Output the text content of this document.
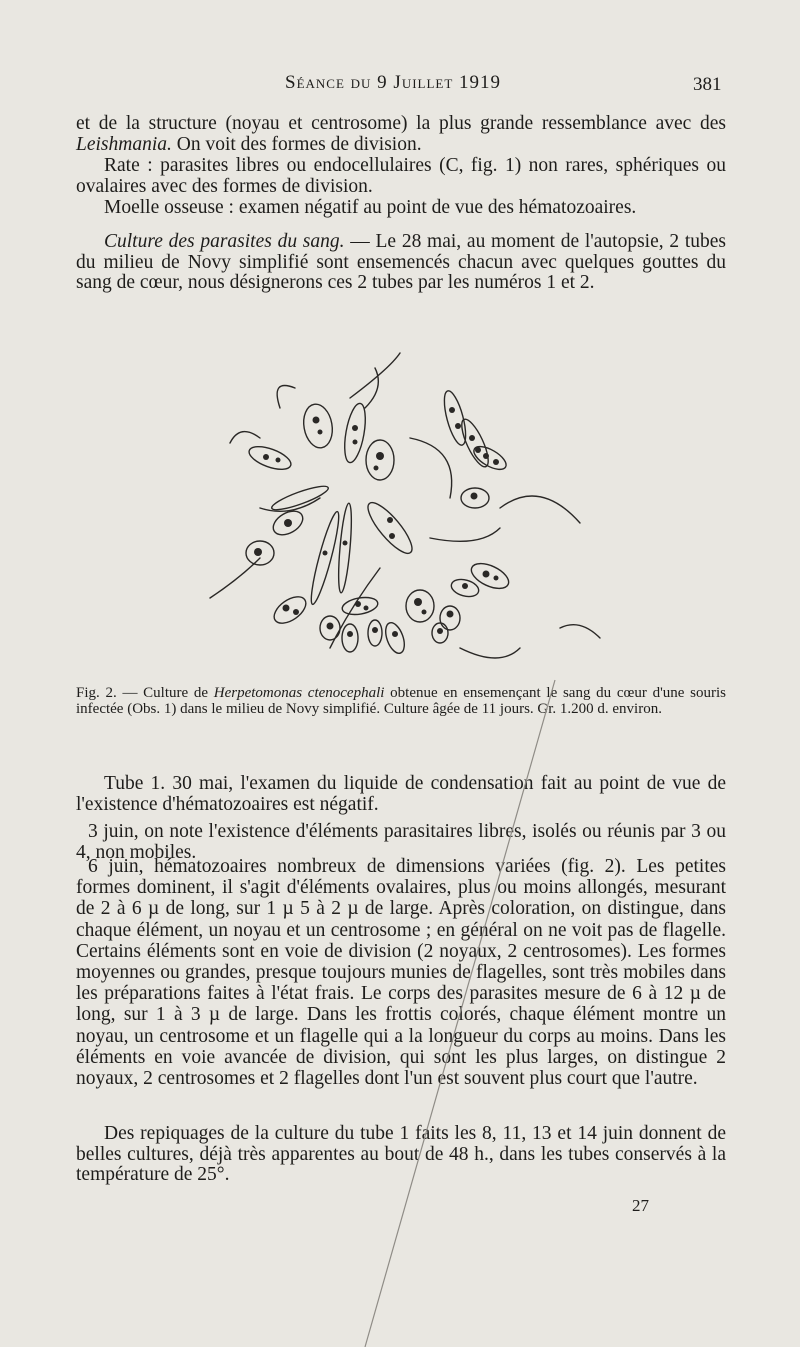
Séance du 9 Juillet 1919	381

et de la structure (noyau et centrosome) la plus grande ressemblance avec des Leishmania. On voit des formes de division.

Rate : parasites libres ou endocellulaires (C, fig. 1) non rares, sphériques ou ovalaires avec des formes de division.

Moelle osseuse : examen négatif au point de vue des hématozoaires.

Culture des parasites du sang. — Le 28 mai, au moment de l'autopsie, 2 tubes du milieu de Novy simplifié sont ensemencés chacun avec quelques gouttes du sang de cœur, nous désignerons ces 2 tubes par les numéros 1 et 2.

Fig. 2. — Culture de Herpetomonas ctenocephali obtenue en ensemençant le sang du cœur d'une souris infectée (Obs. 1) dans le milieu de Novy simplifié. Culture âgée de 11 jours. Gr. 1.200 d. environ.

Tube 1. 30 mai, l'examen du liquide de condensation fait au point de vue de l'existence d'hématozoaires est négatif.

3 juin, on note l'existence d'éléments parasitaires libres, isolés ou réunis par 3 ou 4, non mobiles.

6 juin, hématozoaires nombreux de dimensions variées (fig. 2). Les petites formes dominent, il s'agit d'éléments ovalaires, plus ou moins allongés, mesurant de 2 à 6 µ de long, sur 1 µ 5 à 2 µ de large. Après coloration, on distingue, dans chaque élément, un noyau et un centrosome ; en général on ne voit pas de flagelle. Certains éléments sont en voie de division (2 noyaux, 2 centrosomes). Les formes moyennes ou grandes, presque toujours munies de flagelles, sont très mobiles dans les préparations faites à l'état frais. Le corps des parasites mesure de 6 à 12 µ de long, sur 1 à 3 µ de large. Dans les frottis colorés, chaque élément montre un noyau, un centrosome et un flagelle qui a la longueur du corps au moins. Dans les éléments en voie avancée de division, qui sont les plus larges, on distingue 2 noyaux, 2 centrosomes et 2 flagelles dont l'un est souvent plus court que l'autre.

Des repiquages de la culture du tube 1 faits les 8, 11, 13 et 14 juin donnent de belles cultures, déjà très apparentes au bout de 48 h., dans les tubes conservés à la température de 25°.

27
